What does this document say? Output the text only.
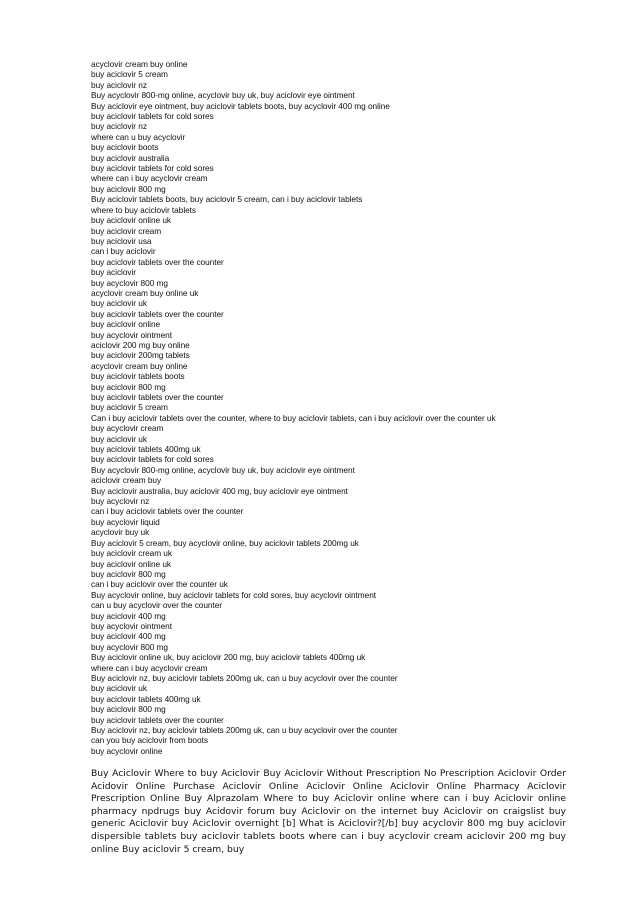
acyclovir cream buy online
buy aciclovir 5 cream
buy aciclovir nz
Buy acyclovir 800-mg online, acyclovir buy uk, buy aciclovir eye ointment
Buy aciclovir eye ointment, buy aciclovir tablets boots, buy acyclovir 400 mg online
buy aciclovir tablets for cold sores
buy aciclovir nz
where can u buy acyclovir
buy aciclovir boots
buy aciclovir australia
buy aciclovir tablets for cold sores
where can i buy acyclovir cream
buy aciclovir 800 mg
Buy aciclovir tablets boots, buy aciclovir 5 cream, can i buy aciclovir tablets
where to buy aciclovir tablets
buy aciclovir online uk
buy aciclovir cream
buy aciclovir usa
can i buy aciclovir
buy aciclovir tablets over the counter
buy aciclovir
buy acyclovir 800 mg
acyclovir cream buy online uk
buy aciclovir uk
buy aciclovir tablets over the counter
buy aciclovir online
buy acyclovir ointment
aciclovir 200 mg buy online
buy aciclovir 200mg tablets
acyclovir cream buy online
buy aciclovir tablets boots
buy aciclovir 800 mg
buy aciclovir tablets over the counter
buy aciclovir 5 cream
Can i buy aciclovir tablets over the counter, where to buy aciclovir tablets, can i buy aciclovir over the counter uk
buy acyclovir cream
buy aciclovir uk
buy aciclovir tablets 400mg uk
buy aciclovir tablets for cold sores
Buy acyclovir 800-mg online, acyclovir buy uk, buy aciclovir eye ointment
aciclovir cream buy
Buy aciclovir australia, buy aciclovir 400 mg, buy aciclovir eye ointment
buy acyclovir nz
can i buy aciclovir tablets over the counter
buy acyclovir liquid
acyclovir buy uk
Buy aciclovir 5 cream, buy acyclovir online, buy aciclovir tablets 200mg uk
buy aciclovir cream uk
buy aciclovir online uk
buy aciclovir 800 mg
can i buy aciclovir over the counter uk
Buy acyclovir online, buy aciclovir tablets for cold sores, buy acyclovir ointment
can u buy acyclovir over the counter
buy aciclovir 400 mg
buy acyclovir ointment
buy aciclovir 400 mg
buy acyclovir 800 mg
Buy aciclovir online uk, buy aciclovir 200 mg, buy aciclovir tablets 400mg uk
where can i buy acyclovir cream
Buy aciclovir nz, buy aciclovir tablets 200mg uk, can u buy acyclovir over the counter
buy aciclovir uk
buy aciclovir tablets 400mg uk
buy aciclovir 800 mg
buy aciclovir tablets over the counter
Buy aciclovir nz, buy aciclovir tablets 200mg uk, can u buy acyclovir over the counter
can you buy aciclovir from boots
buy acyclovir online

Buy Aciclovir Where to buy Aciclovir Buy Aciclovir Without Prescription No Prescription Aciclovir Order Acidovir Online Purchase Aciclovir Online Aciclovir Online Aciclovir Online Pharmacy Aciclovir Prescription Online Buy Alprazolam Where to buy Aciclovir online where can i buy Aciclovir online pharmacy npdrugs buy Acidovir forum buy Aciclovir on the internet buy Aciclovir on craigslist buy generic Aciclovir buy Aciclovir overnight [b] What is Aciclovir?[/b] buy acyclovir 800 mg buy aciclovir dispersible tablets buy aciclovir tablets boots where can i buy acyclovir cream aciclovir 200 mg buy online Buy aciclovir 5 cream, buy
